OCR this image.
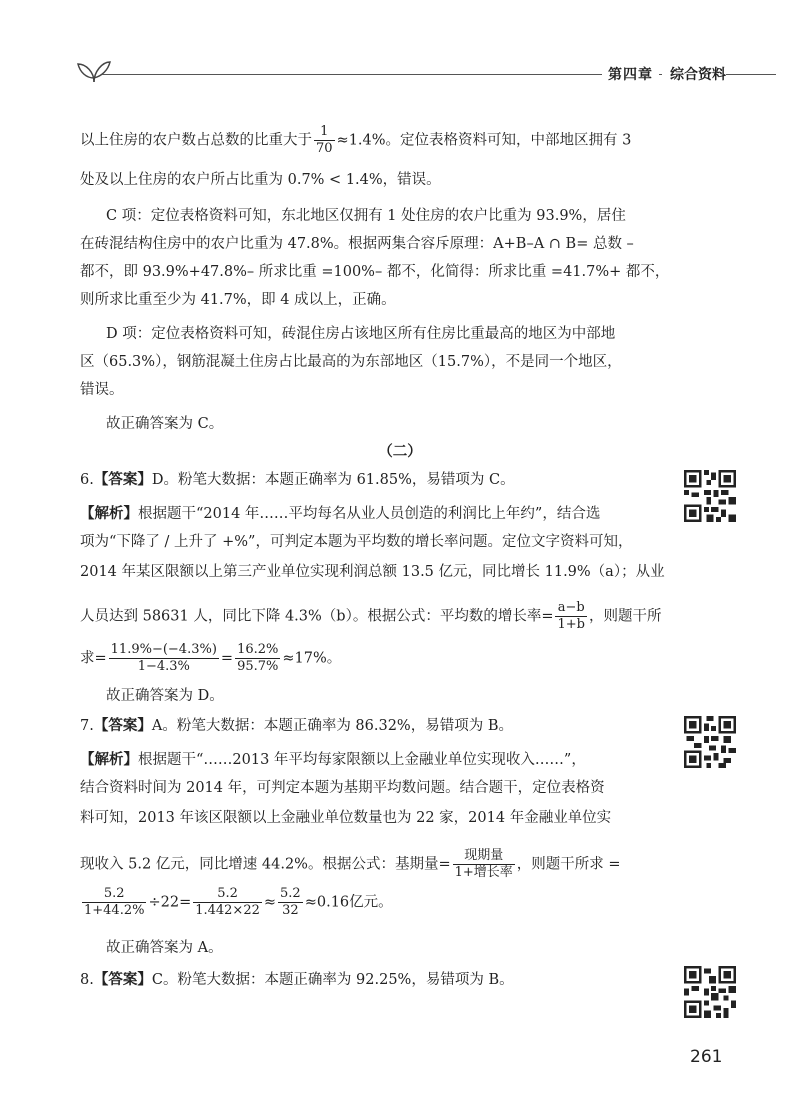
第四章	综合资料
以上住房的农户数占总数的比重大于 $\frac{1}{70} \approx 1.4\%$。定位表格资料可知，中部地区拥有 3
处及以上住房的农户所占比重为 0.7% < 1.4%，错误。
C 项：定位表格资料可知，东北地区仅拥有 1 处住房的农户比重为 93.9%，居住
在砖混结构住房中的农户比重为 47.8%。根据两集合容斥原理：A+B–A ∩ B= 总数 –
都不，即 93.9%+47.8%– 所求比重 =100%– 都不，化简得：所求比重 =41.7%+ 都不，
则所求比重至少为 41.7%，即 4 成以上，正确。
D 项：定位表格资料可知，砖混住房占该地区所有住房比重最高的地区为中部地
区（65.3%），钢筋混凝土住房占比最高的为东部地区（15.7%），不是同一个地区，
错误。
故正确答案为 C。
（二）
6.【答案】D。粉笔大数据：本题正确率为 61.85%，易错项为 C。
【解析】根据题干“2014 年……平均每名从业人员创造的利润比上年约”，结合选
项为“下降了 / 上升了 +%”，可判定本题为平均数的增长率问题。定位文字资料可知，
2014 年某区限额以上第三产业单位实现利润总额 13.5 亿元，同比增长 11.9%（a）；从业
人员达到 58631 人，同比下降 4.3%（b）。根据公式：平均数的增长率= $\frac{a-b}{1+b}$ ，则题干所
求= $\frac{11.9\%-(-4.3\%)}{1-4.3\%} = \frac{16.2\%}{95.7\%} \approx 17\%$。
故正确答案为 D。
7.【答案】A。粉笔大数据：本题正确率为 86.32%，易错项为 B。
【解析】根据题干“……2013 年平均每家限额以上金融业单位实现收入……”，
结合资料时间为 2014 年，可判定本题为基期平均数问题。结合题干，定位表格资
料可知，2013 年该区限额以上金融业单位数量也为 22 家，2014 年金融业单位实
现收入 5.2 亿元，同比增速 44.2%。根据公式：基期量= $\frac{\text{现期量}}{\text{1+增长率}}$ ，则题干所求 =
$\frac{5.2}{1+44.2\%} \div 22= \frac{5.2}{1.442\times 22} \approx \frac{5.2}{32} \approx 0.16$亿元。
故正确答案为 A。
8.【答案】C。粉笔大数据：本题正确率为 92.25%，易错项为 B。
261
